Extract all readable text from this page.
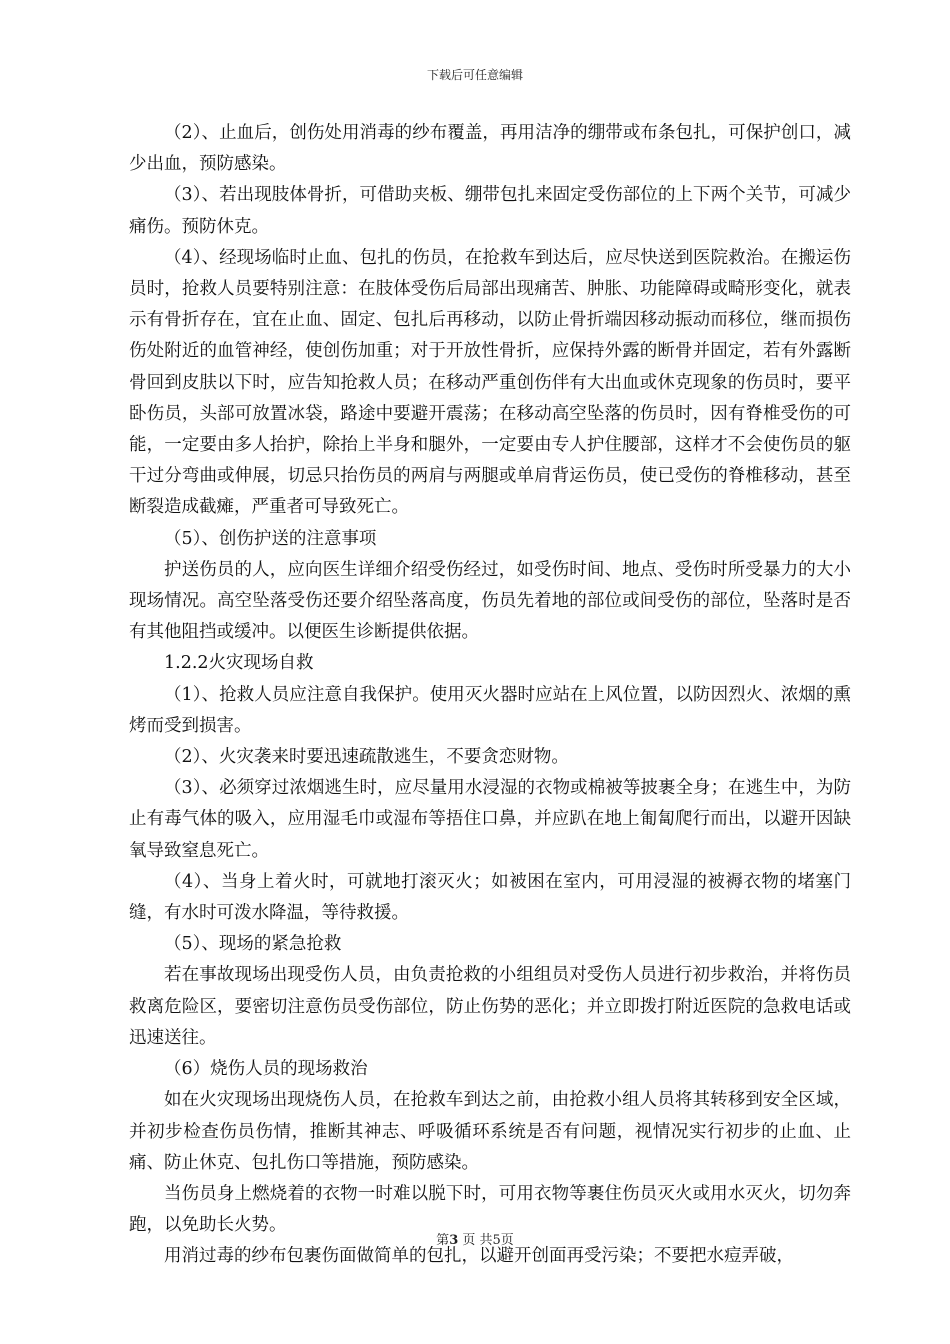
下载后可任意编辑

（2）、止血后，创伤处用消毒的纱布覆盖，再用洁净的绷带或布条包扎，可保护创口，减少出血，预防感染。

（3）、若出现肢体骨折，可借助夹板、绷带包扎来固定受伤部位的上下两个关节，可减少痛伤。预防休克。

（4）、经现场临时止血、包扎的伤员，在抢救车到达后，应尽快送到医院救治。在搬运伤员时，抢救人员要特别注意：在肢体受伤后局部出现痛苦、肿胀、功能障碍或畸形变化，就表示有骨折存在，宜在止血、固定、包扎后再移动，以防止骨折端因移动振动而移位，继而损伤伤处附近的血管神经，使创伤加重；对于开放性骨折，应保持外露的断骨并固定，若有外露断骨回到皮肤以下时，应告知抢救人员；在移动严重创伤伴有大出血或休克现象的伤员时，要平卧伤员，头部可放置冰袋，路途中要避开震荡；在移动高空坠落的伤员时，因有脊椎受伤的可能，一定要由多人抬护，除抬上半身和腿外，一定要由专人护住腰部，这样才不会使伤员的躯干过分弯曲或伸展，切忌只抬伤员的两肩与两腿或单肩背运伤员，使已受伤的脊椎移动，甚至断裂造成截瘫，严重者可导致死亡。

（5）、创伤护送的注意事项

护送伤员的人，应向医生详细介绍受伤经过，如受伤时间、地点、受伤时所受暴力的大小现场情况。高空坠落受伤还要介绍坠落高度，伤员先着地的部位或间受伤的部位，坠落时是否有其他阻挡或缓冲。以便医生诊断提供依据。

1.2.2火灾现场自救

（1）、抢救人员应注意自我保护。使用灭火器时应站在上风位置，以防因烈火、浓烟的熏烤而受到损害。

（2）、火灾袭来时要迅速疏散逃生，不要贪恋财物。

（3）、必须穿过浓烟逃生时，应尽量用水浸湿的衣物或棉被等披裹全身；在逃生中，为防止有毒气体的吸入，应用湿毛巾或湿布等捂住口鼻，并应趴在地上匍匐爬行而出，以避开因缺氧导致窒息死亡。

（4）、当身上着火时，可就地打滚灭火；如被困在室内，可用浸湿的被褥衣物的堵塞门缝，有水时可泼水降温，等待救援。

（5）、现场的紧急抢救

若在事故现场出现受伤人员，由负责抢救的小组组员对受伤人员进行初步救治，并将伤员救离危险区，要密切注意伤员受伤部位，防止伤势的恶化；并立即拨打附近医院的急救电话或迅速送往。

（6）烧伤人员的现场救治

如在火灾现场出现烧伤人员，在抢救车到达之前，由抢救小组人员将其转移到安全区域，并初步检查伤员伤情，推断其神志、呼吸循环系统是否有问题，视情况实行初步的止血、止痛、防止休克、包扎伤口等措施，预防感染。

当伤员身上燃烧着的衣物一时难以脱下时，可用衣物等裹住伤员灭火或用水灭火，切勿奔跑，以免助长火势。

用消过毒的纱布包裹伤面做简单的包扎，以避开创面再受污染；不要把水痘弄破，

第3 页 共5页
